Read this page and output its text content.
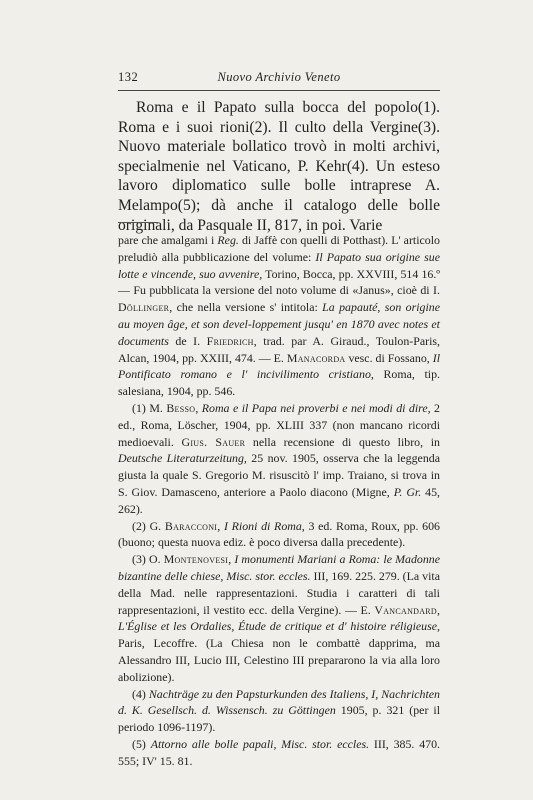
132	Nuovo Archivio Veneto

Roma e il Papato sulla bocca del popolo(1). Roma e i suoi rioni(2). Il culto della Vergine(3). Nuovo materiale bollatico trovò in molti archivi, specialmenie nel Vaticano, P. Kehr(4). Un esteso lavoro diplomatico sulle bolle intraprese A. Melampo(5); dà anche il catalogo delle bolle originali, da Pasquale II, 817, in poi. Varie

pare che amalgami i Reg. di Jaffè con quelli di Potthast). L' articolo preludiò alla pubblicazione del volume: Il Papato sua origine sue lotte e vincende, suo avvenire, Torino, Bocca, pp. XXVIII, 514 16.º — Fu pubblicata la versione del noto volume di «Janus», cioè di I. Döllinger, che nella versione s' intitola: La papauté, son origine au moyen âge, et son devel-loppement jusqu' en 1870 avec notes et documents de I. Friedrich, trad. par A. Giraud., Toulon-Paris, Alcan, 1904, pp. XXIII, 474. — E. Manacorda vesc. di Fossano, Il Pontificato romano e l' incivilimento cristiano, Roma, tip. salesiana, 1904, pp. 546.

(1) M. Besso, Roma e il Papa nei proverbi e nei modi di dire, 2 ed., Roma, Löscher, 1904, pp. XLIII 337 (non mancano ricordi medioevali. Gius. Sauer nella recensione di questo libro, in Deutsche Literaturzeitung, 25 nov. 1905, osserva che la leggenda giusta la quale S. Gregorio M. risuscitò l' imp. Traiano, si trova in S. Giov. Damasceno, anteriore a Paolo diacono (Migne, P. Gr. 45, 262).

(2) G. Baracconi, I Rioni di Roma, 3 ed. Roma, Roux, pp. 606 (buono; questa nuova ediz. è poco diversa dalla precedente).

(3) O. Montenovesi, I monumenti Mariani a Roma: le Madonne bizantine delle chiese, Misc. stor. eccles. III, 169. 225. 279. (La vita della Mad. nelle rappresentazioni. Studia i caratteri di tali rappresentazioni, il vestito ecc. della Vergine). — E. Vancandard, L'Église et les Ordalies, Étude de critique et d' histoire réligieuse, Paris, Lecoffre. (La Chiesa non le combattè dapprima, ma Alessandro III, Lucio III, Celestino III prepararono la via alla loro abolizione).

(4) Nachträge zu den Papsturkunden des Italiens, I, Nachrichten d. K. Gesellsch. d. Wissensch. zu Göttingen 1905, p. 321 (per il periodo 1096-1197).

(5) Attorno alle bolle papali, Misc. stor. eccles. III, 385. 470. 555; IV' 15. 81.
